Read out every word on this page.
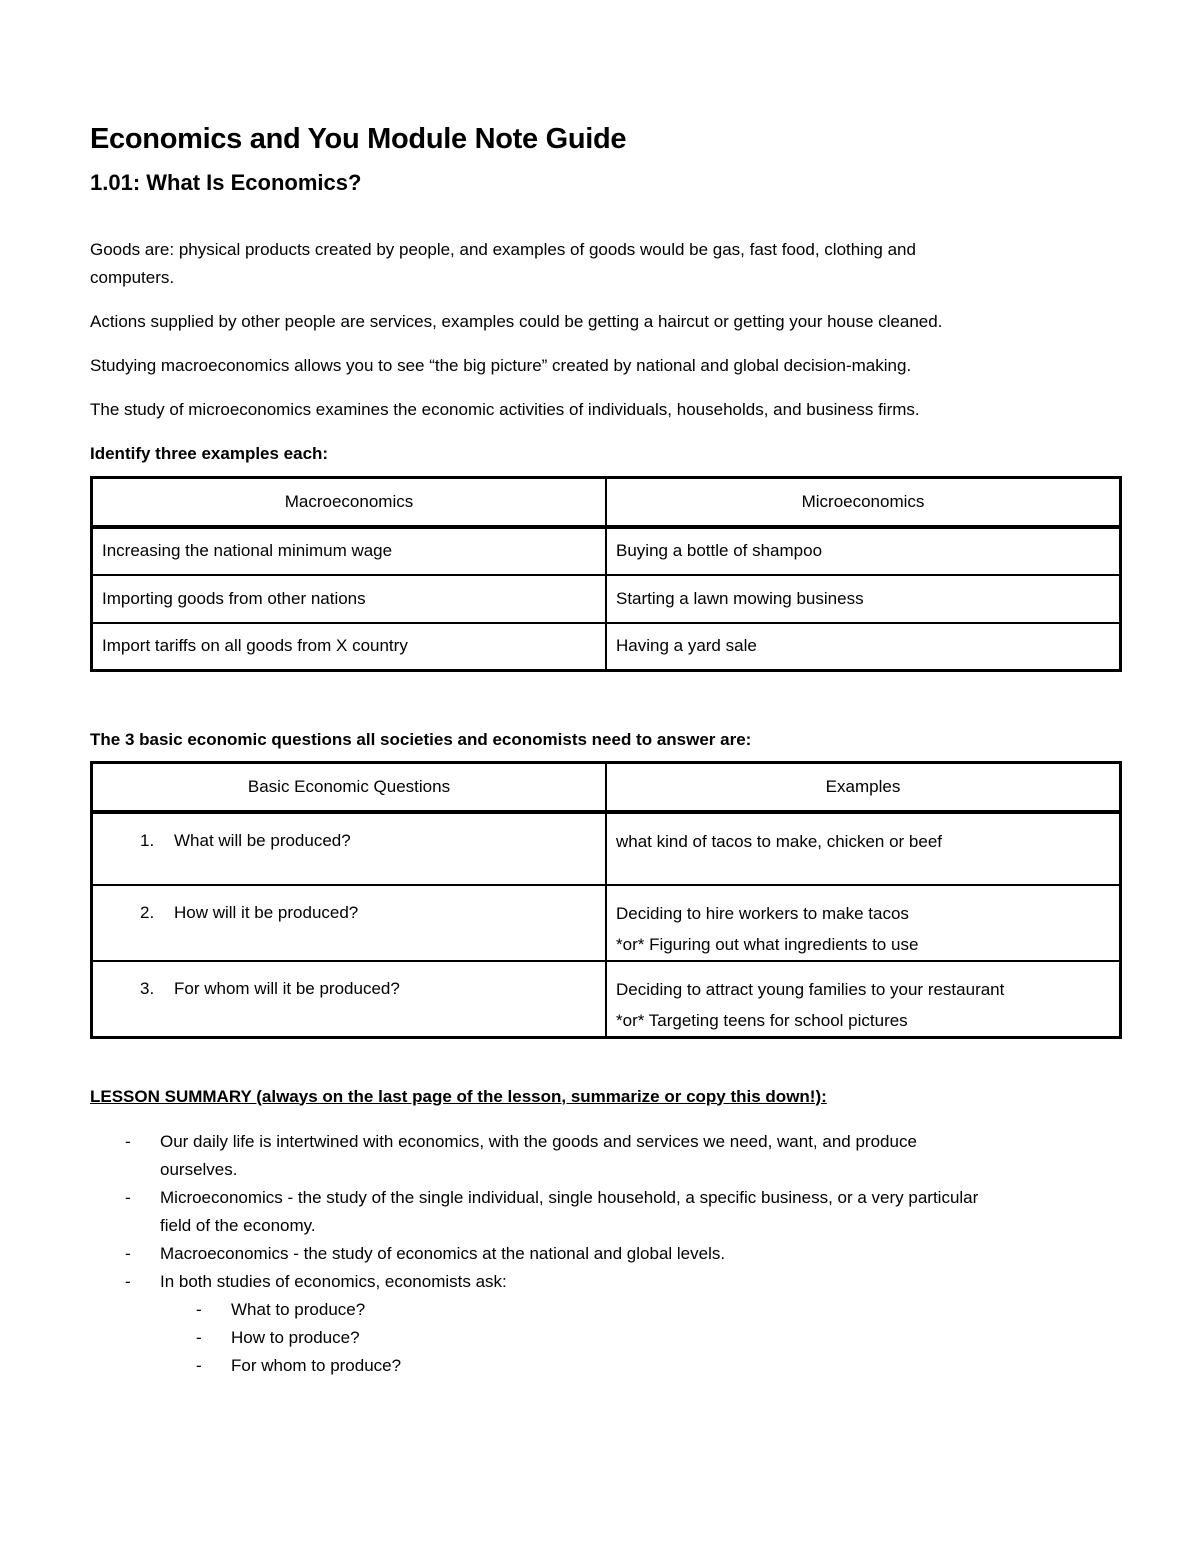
Economics and You Module Note Guide
1.01: What Is Economics?

Goods are: physical products created by people, and examples of goods would be gas, fast food, clothing and
computers.

Actions supplied by other people are services, examples could be getting a haircut or getting your house cleaned.

Studying macroeconomics allows you to see “the big picture” created by national and global decision-making.

The study of microeconomics examines the economic activities of individuals, households, and business firms.

Identify three examples each:

Macroeconomics	Microeconomics
Increasing the national minimum wage	Buying a bottle of shampoo
Importing goods from other nations	Starting a lawn mowing business
Import tariffs on all goods from X country	Having a yard sale

The 3 basic economic questions all societies and economists need to answer are:

Basic Economic Questions	Examples
1. What will be produced?	what kind of tacos to make, chicken or beef

2. How will it be produced?	Deciding to hire workers to make tacos
*or* Figuring out what ingredients to use

3. For whom will it be produced?	Deciding to attract young families to your restaurant
*or* Targeting teens for school pictures

LESSON SUMMARY (always on the last page of the lesson, summarize or copy this down!):

-	Our daily life is intertwined with economics, with the goods and services we need, want, and produce
ourselves.
-	Microeconomics - the study of the single individual, single household, a specific business, or a very particular
field of the economy.
-	Macroeconomics - the study of economics at the national and global levels.
-	In both studies of economics, economists ask:
-	What to produce?
-	How to produce?
-	For whom to produce?
